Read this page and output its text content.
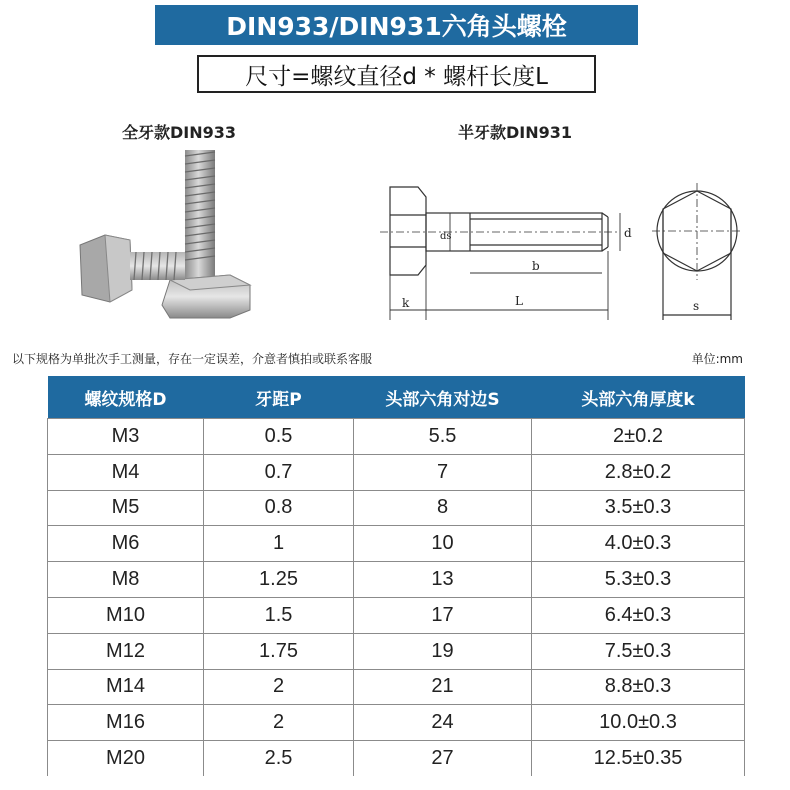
DIN933/DIN931六角头螺栓
尺寸=螺纹直径d * 螺杆长度L
全牙款DIN933	半牙款DIN931
ds	d
b
L
k	s
以下规格为单批次手工测量，存在一定误差，介意者慎拍或联系客服	单位:mm
螺纹规格D	牙距P	头部六角对边S	头部六角厚度k
M3	0.5	5.5	2±0.2
M4	0.7	7	2.8±0.2
M5	0.8	8	3.5±0.3
M6	1	10	4.0±0.3
M8	1.25	13	5.3±0.3
M10	1.5	17	6.4±0.3
M12	1.75	19	7.5±0.3
M14	2	21	8.8±0.3
M16	2	24	10.0±0.3
M20	2.5	27	12.5±0.35
